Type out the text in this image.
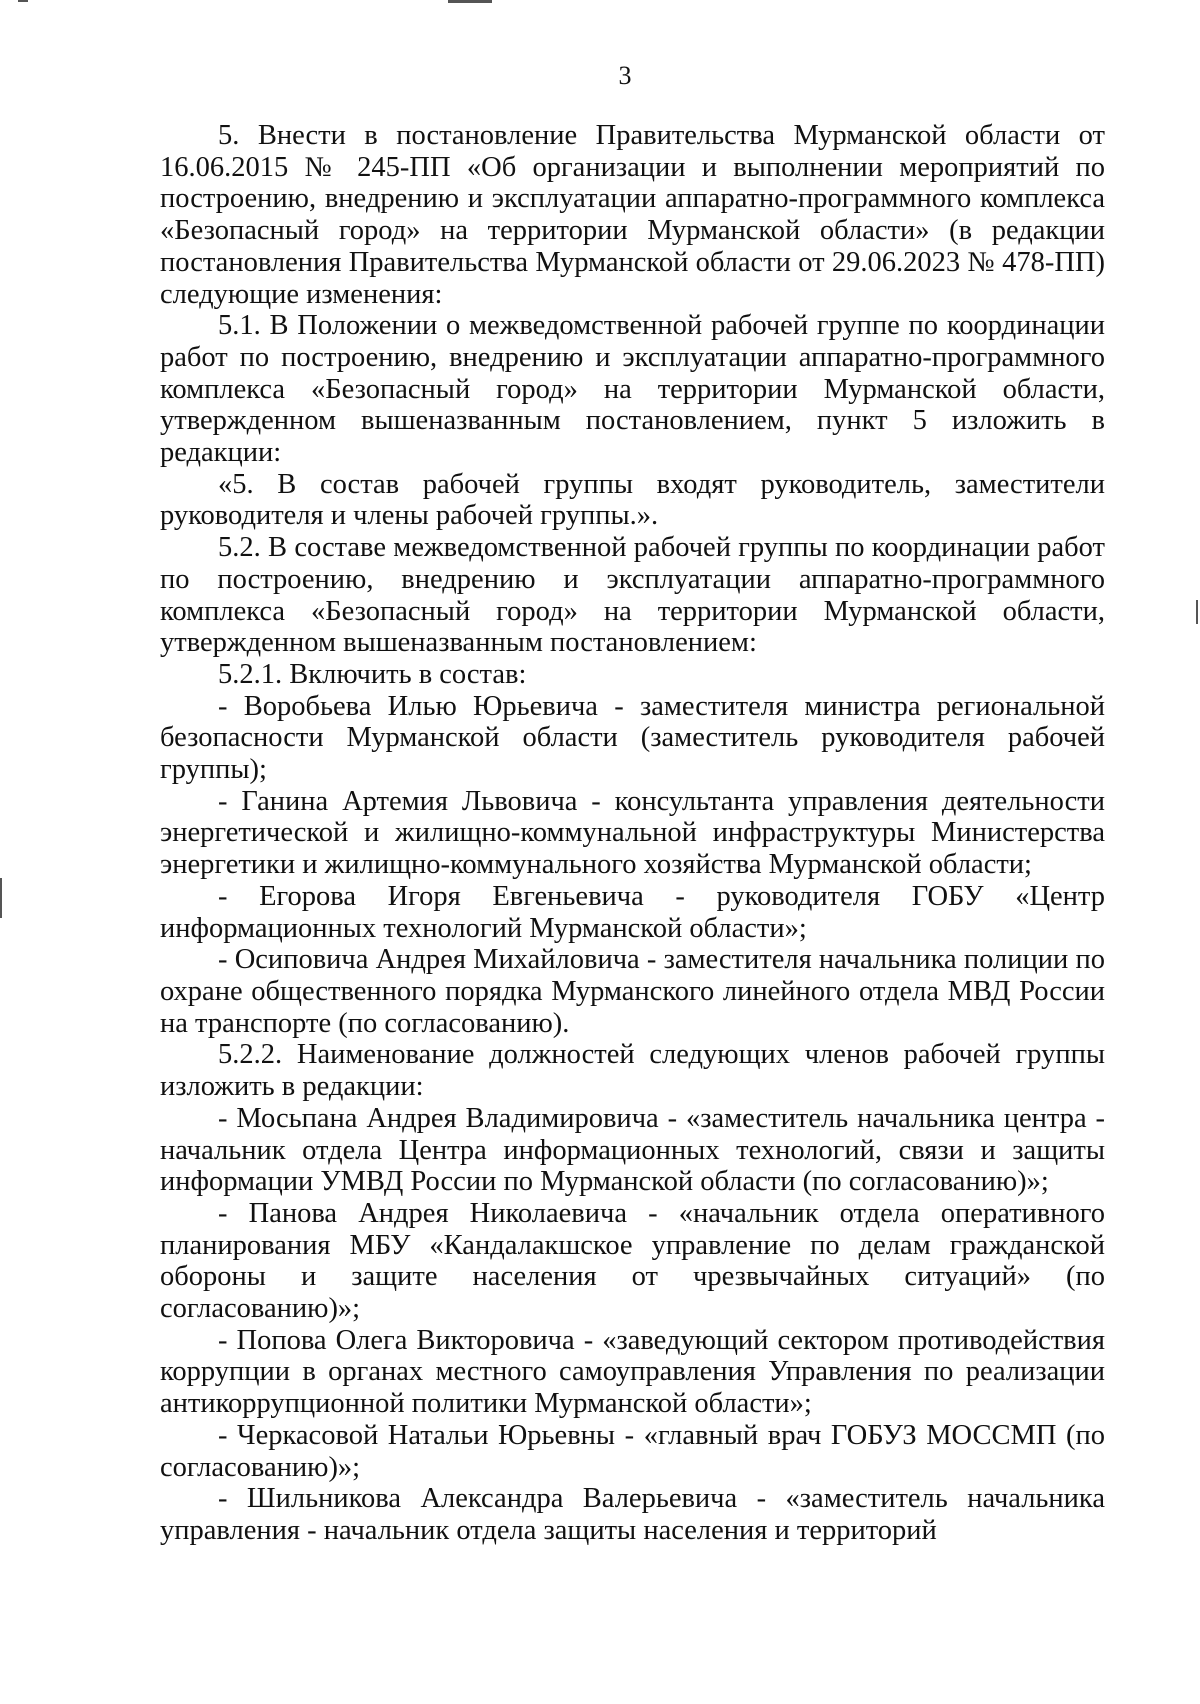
3

5. Внести в постановление Правительства Мурманской области от 16.06.2015 № 245-ПП «Об организации и выполнении мероприятий по построению, внедрению и эксплуатации аппаратно-программного комплекса «Безопасный город» на территории Мурманской области» (в редакции постановления Правительства Мурманской области от 29.06.2023 № 478-ПП) следующие изменения:

5.1. В Положении о межведомственной рабочей группе по координации работ по построению, внедрению и эксплуатации аппаратно-программного комплекса «Безопасный город» на территории Мурманской области, утвержденном вышеназванным постановлением, пункт 5 изложить в редакции:

«5. В состав рабочей группы входят руководитель, заместители руководителя и члены рабочей группы.».

5.2. В составе межведомственной рабочей группы по координации работ по построению, внедрению и эксплуатации аппаратно-программного комплекса «Безопасный город» на территории Мурманской области, утвержденном вышеназванным постановлением:

5.2.1. Включить в состав:

- Воробьева Илью Юрьевича - заместителя министра региональной безопасности Мурманской области (заместитель руководителя рабочей группы);

- Ганина Артемия Львовича - консультанта управления деятельности энергетической и жилищно-коммунальной инфраструктуры Министерства энергетики и жилищно-коммунального хозяйства Мурманской области;

- Егорова Игоря Евгеньевича - руководителя ГОБУ «Центр информационных технологий Мурманской области»;

- Осиповича Андрея Михайловича - заместителя начальника полиции по охране общественного порядка Мурманского линейного отдела МВД России на транспорте (по согласованию).

5.2.2. Наименование должностей следующих членов рабочей группы изложить в редакции:

- Мосьпана Андрея Владимировича - «заместитель начальника центра - начальник отдела Центра информационных технологий, связи и защиты информации УМВД России по Мурманской области (по согласованию)»;

- Панова Андрея Николаевича - «начальник отдела оперативного планирования МБУ «Кандалакшское управление по делам гражданской обороны и защите населения от чрезвычайных ситуаций» (по согласованию)»;

- Попова Олега Викторовича - «заведующий сектором противодействия коррупции в органах местного самоуправления Управления по реализации антикоррупционной политики Мурманской области»;

- Черкасовой Натальи Юрьевны - «главный врач ГОБУЗ МОССМП (по согласованию)»;

- Шильникова Александра Валерьевича - «заместитель начальника управления - начальник отдела защиты населения и территорий
